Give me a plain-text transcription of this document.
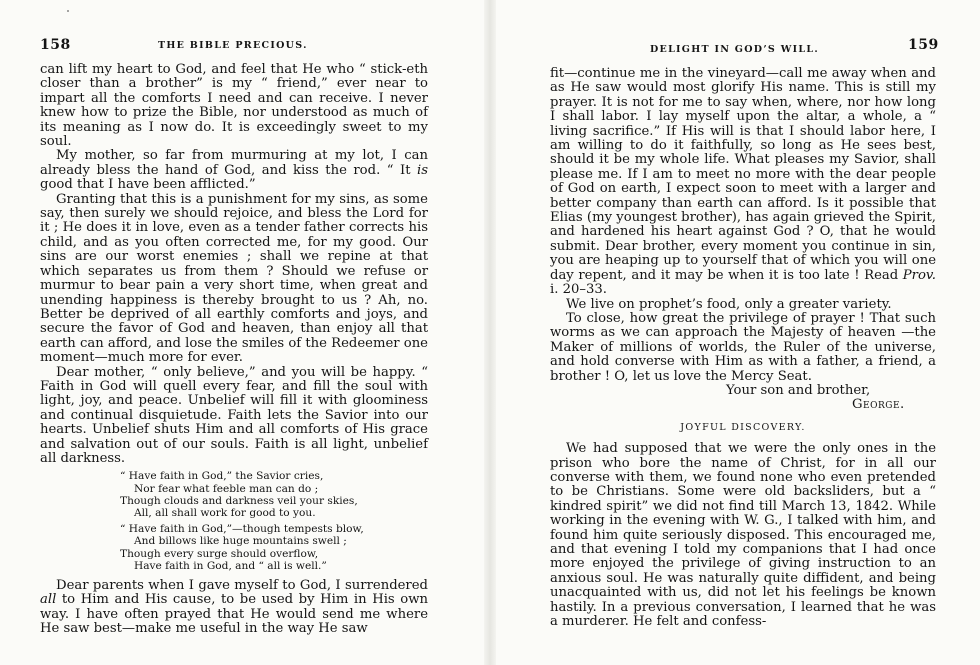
158	THE BIBLE PRECIOUS.

can lift my heart to God, and feel that He who “ stick-eth closer than a brother” is my “ friend,” ever near to impart all the comforts I need and can receive. I never knew how to prize the Bible, nor understood as much of its meaning as I now do. It is exceedingly sweet to my soul.

My mother, so far from murmuring at my lot, I can already bless the hand of God, and kiss the rod. “ It is good that I have been afflicted.”

Granting that this is a punishment for my sins, as some say, then surely we should rejoice, and bless the Lord for it ; He does it in love, even as a tender father corrects his child, and as you often corrected me, for my good. Our sins are our worst enemies ; shall we repine at that which separates us from them ? Should we refuse or murmur to bear pain a very short time, when great and unending happiness is thereby brought to us ? Ah, no. Better be deprived of all earthly comforts and joys, and secure the favor of God and heaven, than enjoy all that earth can afford, and lose the smiles of the Redeemer one moment—much more for ever.

Dear mother, “ only believe,” and you will be happy. “ Faith in God will quell every fear, and fill the soul with light, joy, and peace. Unbelief will fill it with gloominess and continual disquietude. Faith lets the Savior into our hearts. Unbelief shuts Him and all comforts of His grace and salvation out of our souls. Faith is all light, unbelief all darkness.

“ Have faith in God,” the Savior cries,
Nor fear what feeble man can do ;
Though clouds and darkness veil your skies,
All, all shall work for good to you.
“ Have faith in God,”—though tempests blow,
And billows like huge mountains swell ;
Though every surge should overflow,
Have faith in God, and “ all is well.”

Dear parents when I gave myself to God, I surrendered all to Him and His cause, to be used by Him in His own way. I have often prayed that He would send me where He saw best—make me useful in the way He saw

DELIGHT IN GOD’S WILL.	159

fit—continue me in the vineyard—call me away when and as He saw would most glorify His name. This is still my prayer. It is not for me to say when, where, nor how long I shall labor. I lay myself upon the altar, a whole, a “ living sacrifice.” If His will is that I should labor here, I am willing to do it faithfully, so long as He sees best, should it be my whole life. What pleases my Savior, shall please me. If I am to meet no more with the dear people of God on earth, I expect soon to meet with a larger and better company than earth can afford. Is it possible that Elias (my youngest brother), has again grieved the Spirit, and hardened his heart against God ? O, that he would submit. Dear brother, every moment you continue in sin, you are heaping up to yourself that of which you will one day repent, and it may be when it is too late ! Read Prov. i. 20–33.

We live on prophet’s food, only a greater variety.

To close, how great the privilege of prayer ! That such worms as we can approach the Majesty of heaven —the Maker of millions of worlds, the Ruler of the universe, and hold converse with Him as with a father, a friend, a brother ! O, let us love the Mercy Seat.

Your son and brother,
George.
JOYFUL DISCOVERY.

We had supposed that we were the only ones in the prison who bore the name of Christ, for in all our converse with them, we found none who even pretended to be Christians. Some were old backsliders, but a “ kindred spirit” we did not find till March 13, 1842. While working in the evening with W. G., I talked with him, and found him quite seriously disposed. This encouraged me, and that evening I told my companions that I had once more enjoyed the privilege of giving instruction to an anxious soul. He was naturally quite diffident, and being unacquainted with us, did not let his feelings be known hastily. In a previous conversation, I learned that he was a murderer. He felt and confess-
